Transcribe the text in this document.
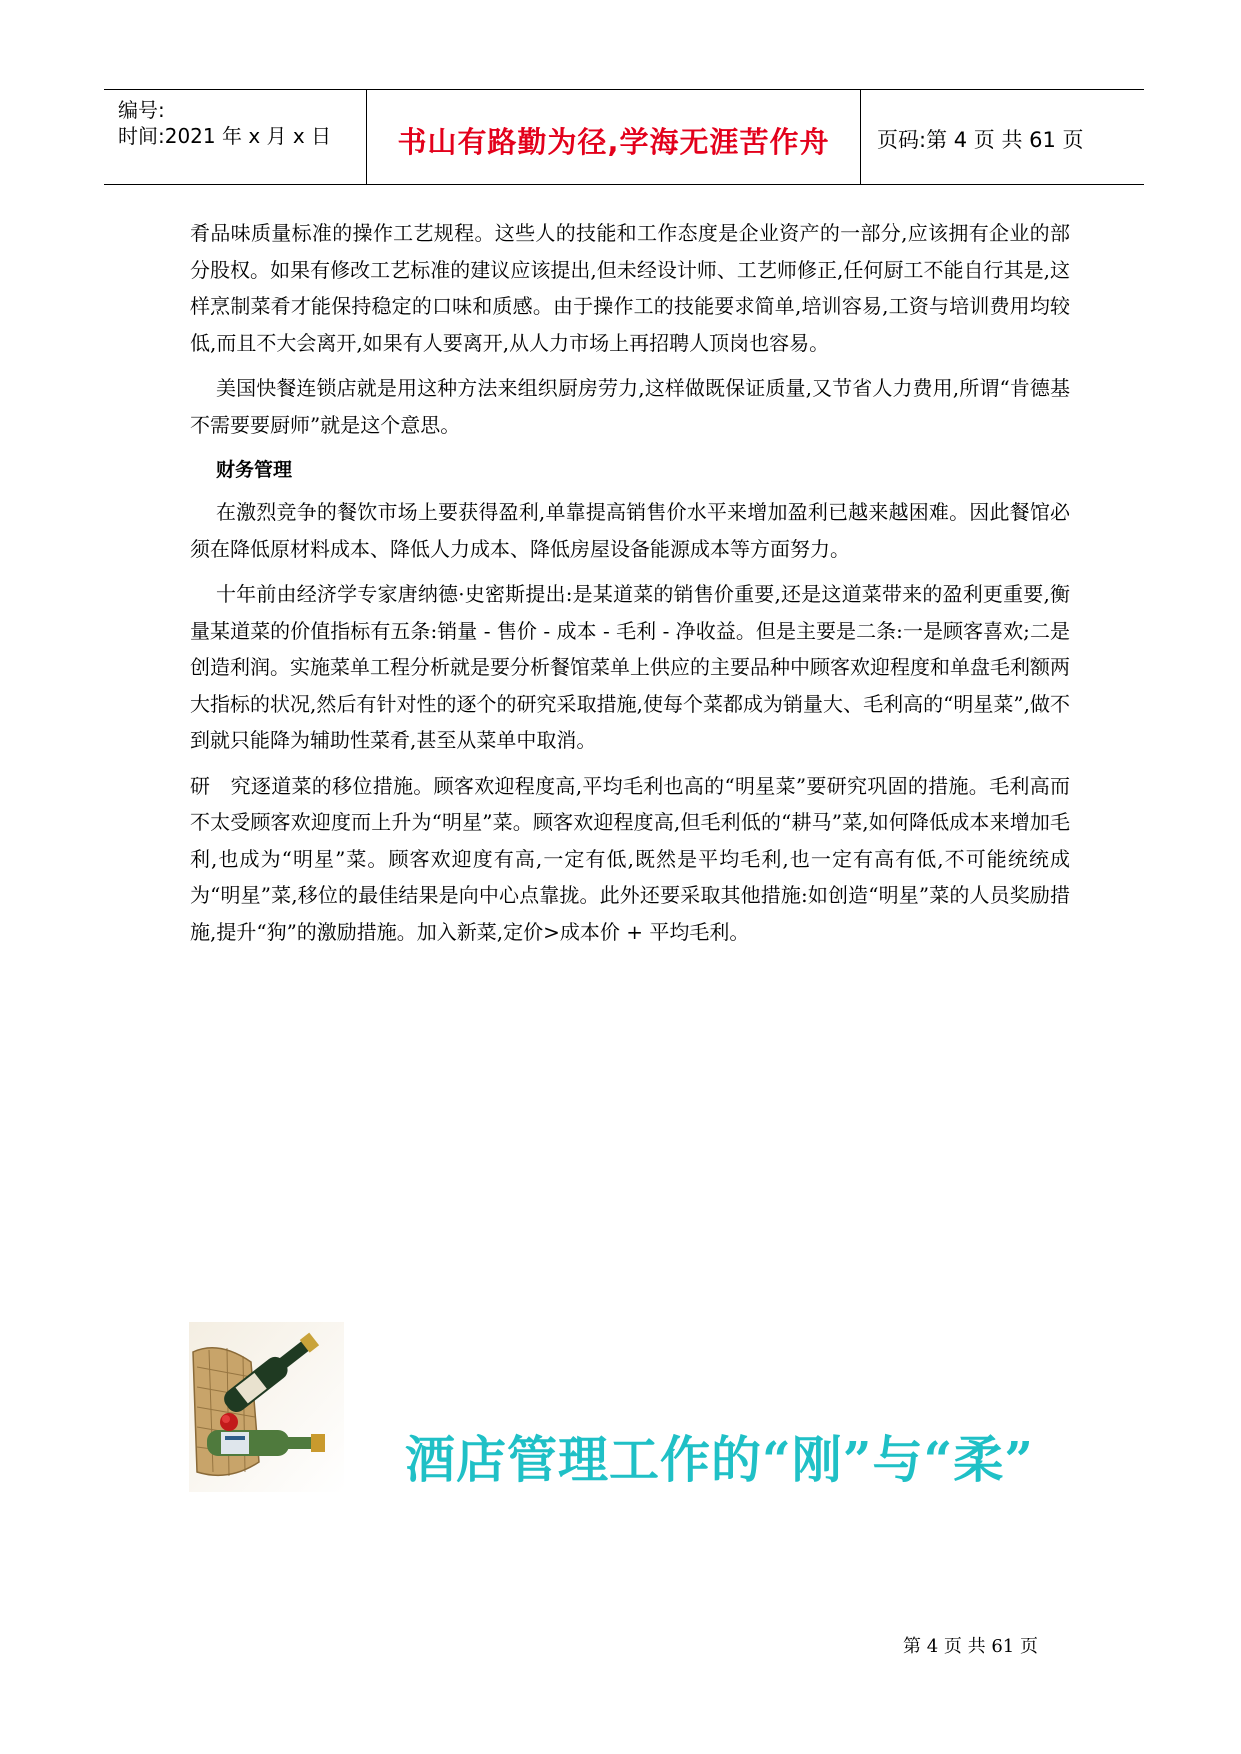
编号:
时间:2021 年 x 月 x 日	书山有路勤为径,学海无涯苦作舟	页码:第 4 页 共 61 页

肴品味质量标准的操作工艺规程。这些人的技能和工作态度是企业资产的一部分,应该拥有企业的部分股权。如果有修改工艺标准的建议应该提出,但未经设计师、工艺师修正,任何厨工不能自行其是,这样烹制菜肴才能保持稳定的口味和质感。由于操作工的技能要求简单,培训容易,工资与培训费用均较低,而且不大会离开,如果有人要离开,从人力市场上再招聘人顶岗也容易。

美国快餐连锁店就是用这种方法来组织厨房劳力,这样做既保证质量,又节省人力费用,所谓“肯德基不需要要厨师”就是这个意思。

财务管理

在激烈竞争的餐饮市场上要获得盈利,单靠提高销售价水平来增加盈利已越来越困难。因此餐馆必须在降低原材料成本、降低人力成本、降低房屋设备能源成本等方面努力。

十年前由经济学专家唐纳德·史密斯提出:是某道菜的销售价重要,还是这道菜带来的盈利更重要,衡量某道菜的价值指标有五条:销量 - 售价 - 成本 - 毛利 - 净收益。但是主要是二条:一是顾客喜欢;二是创造利润。实施菜单工程分析就是要分析餐馆菜单上供应的主要品种中顾客欢迎程度和单盘毛利额两大指标的状况,然后有针对性的逐个的研究采取措施,使每个菜都成为销量大、毛利高的“明星菜”,做不到就只能降为辅助性菜肴,甚至从菜单中取消。

研　究逐道菜的移位措施。顾客欢迎程度高,平均毛利也高的“明星菜”要研究巩固的措施。毛利高而不太受顾客欢迎度而上升为“明星”菜。顾客欢迎程度高,但毛利低的“耕马”菜,如何降低成本来增加毛利,也成为“明星”菜。顾客欢迎度有高,一定有低,既然是平均毛利,也一定有高有低,不可能统统成为“明星”菜,移位的最佳结果是向中心点靠拢。此外还要采取其他措施:如创造“明星”菜的人员奖励措施,提升“狗”的激励措施。加入新菜,定价>成本价 + 平均毛利。

酒店管理工作的“刚”与“柔”
第 4 页 共 61 页
